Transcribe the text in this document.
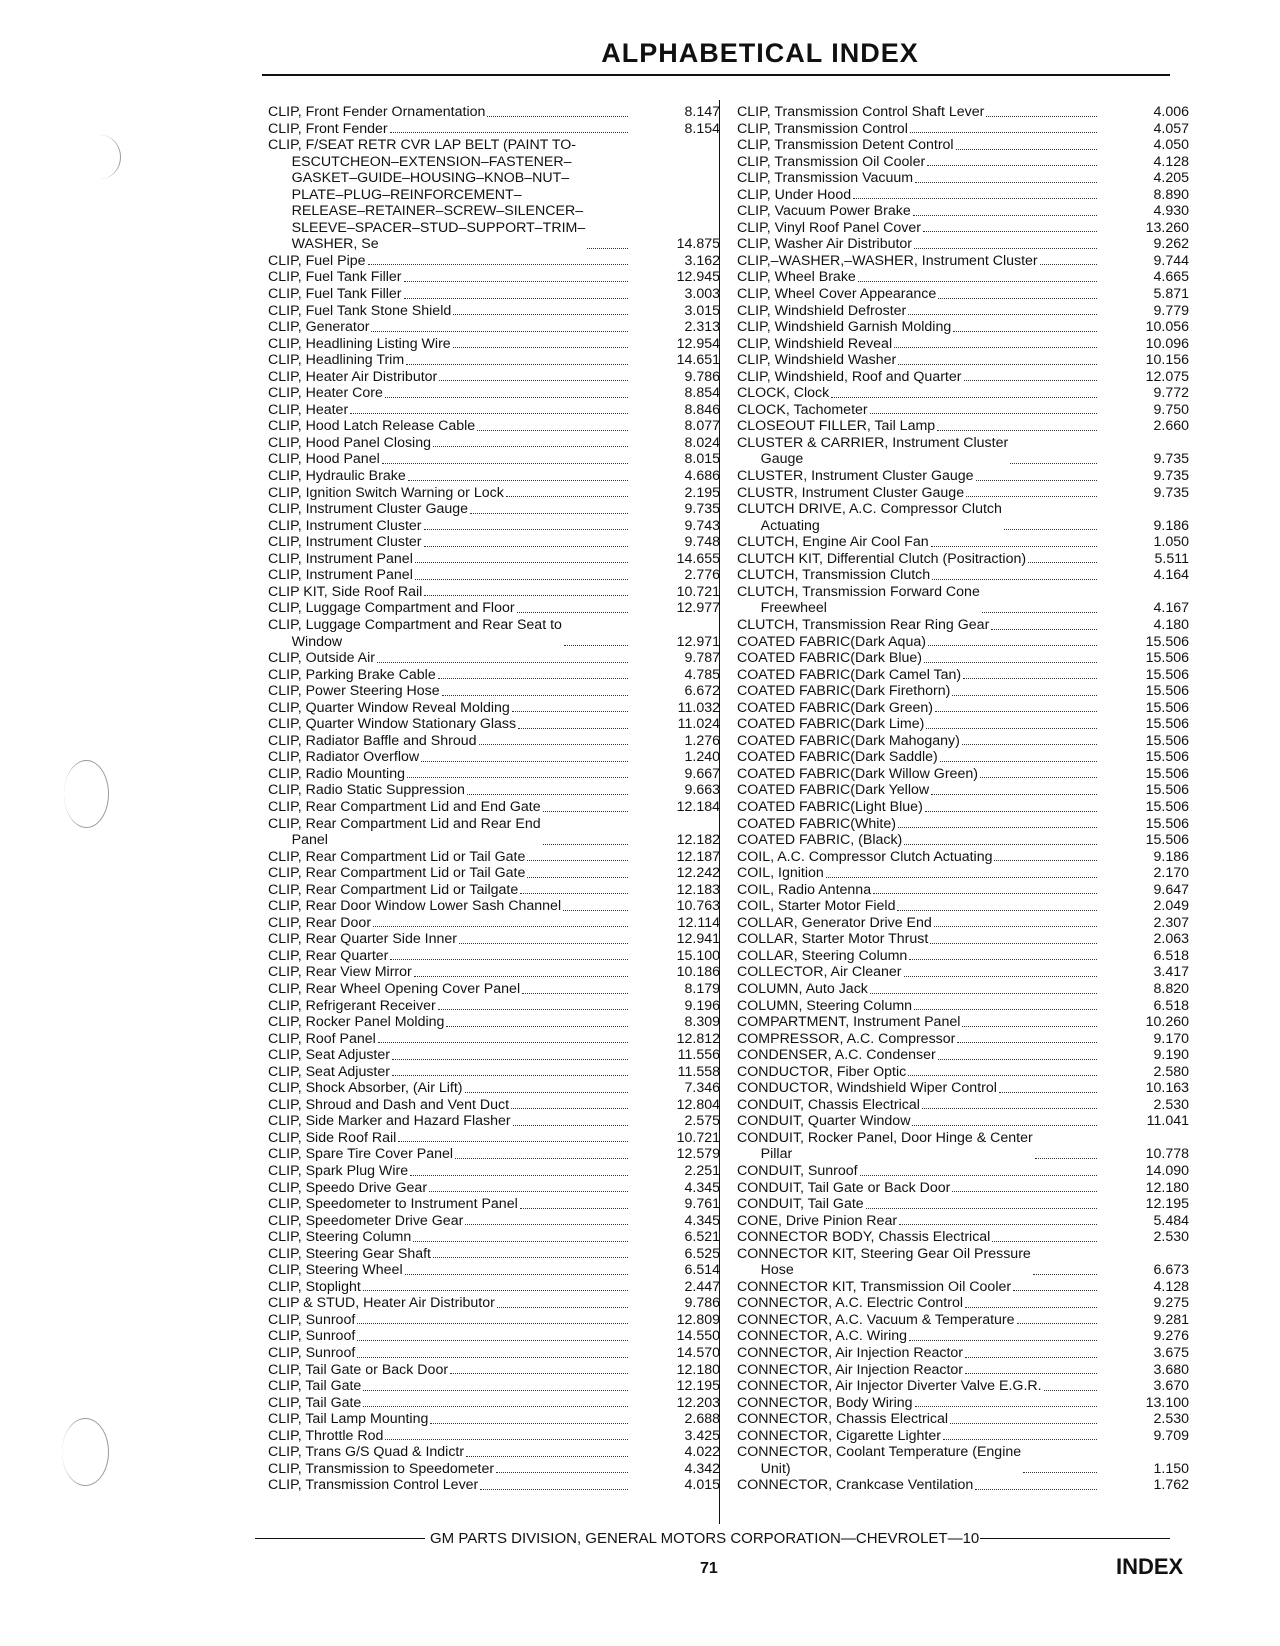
ALPHABETICAL INDEX
CLIP, Front Fender Ornamentation	8.147
CLIP, Front Fender	8.154
CLIP, F/SEAT RETR CVR LAP BELT (PAINT TO-
ESCUTCHEON–EXTENSION–FASTENER–
GASKET–GUIDE–HOUSING–KNOB–NUT–
PLATE–PLUG–REINFORCEMENT–
RELEASE–RETAINER–SCREW–SILENCER–
SLEEVE–SPACER–STUD–SUPPORT–TRIM–
WASHER, Se	14.875
CLIP, Fuel Pipe	3.162
CLIP, Fuel Tank Filler	12.945
CLIP, Fuel Tank Filler	3.003
CLIP, Fuel Tank Stone Shield	3.015
CLIP, Generator	2.313
CLIP, Headlining Listing Wire	12.954
CLIP, Headlining Trim	14.651
CLIP, Heater Air Distributor	9.786
CLIP, Heater Core	8.854
CLIP, Heater	8.846
CLIP, Hood Latch Release Cable	8.077
CLIP, Hood Panel Closing	8.024
CLIP, Hood Panel	8.015
CLIP, Hydraulic Brake	4.686
CLIP, Ignition Switch Warning or Lock	2.195
CLIP, Instrument Cluster Gauge	9.735
CLIP, Instrument Cluster	9.743
CLIP, Instrument Cluster	9.748
CLIP, Instrument Panel	14.655
CLIP, Instrument Panel	2.776
CLIP KIT, Side Roof Rail	10.721
CLIP, Luggage Compartment and Floor	12.977
CLIP, Luggage Compartment and Rear Seat to
Window	12.971
CLIP, Outside Air	9.787
CLIP, Parking Brake Cable	4.785
CLIP, Power Steering Hose	6.672
CLIP, Quarter Window Reveal Molding	11.032
CLIP, Quarter Window Stationary Glass	11.024
CLIP, Radiator Baffle and Shroud	1.276
CLIP, Radiator Overflow	1.240
CLIP, Radio Mounting	9.667
CLIP, Radio Static Suppression	9.663
CLIP, Rear Compartment Lid and End Gate	12.184
CLIP, Rear Compartment Lid and Rear End
Panel	12.182
CLIP, Rear Compartment Lid or Tail Gate	12.187
CLIP, Rear Compartment Lid or Tail Gate	12.242
CLIP, Rear Compartment Lid or Tailgate	12.183
CLIP, Rear Door Window Lower Sash Channel	10.763
CLIP, Rear Door	12.114
CLIP, Rear Quarter Side Inner	12.941
CLIP, Rear Quarter	15.100
CLIP, Rear View Mirror	10.186
CLIP, Rear Wheel Opening Cover Panel	8.179
CLIP, Refrigerant Receiver	9.196
CLIP, Rocker Panel Molding	8.309
CLIP, Roof Panel	12.812
CLIP, Seat Adjuster	11.556
CLIP, Seat Adjuster	11.558
CLIP, Shock Absorber, (Air Lift)	7.346
CLIP, Shroud and Dash and Vent Duct	12.804
CLIP, Side Marker and Hazard Flasher	2.575
CLIP, Side Roof Rail	10.721
CLIP, Spare Tire Cover Panel	12.579
CLIP, Spark Plug Wire	2.251
CLIP, Speedo Drive Gear	4.345
CLIP, Speedometer to Instrument Panel	9.761
CLIP, Speedometer Drive Gear	4.345
CLIP, Steering Column	6.521
CLIP, Steering Gear Shaft	6.525
CLIP, Steering Wheel	6.514
CLIP, Stoplight	2.447
CLIP & STUD, Heater Air Distributor	9.786
CLIP, Sunroof	12.809
CLIP, Sunroof	14.550
CLIP, Sunroof	14.570
CLIP, Tail Gate or Back Door	12.180
CLIP, Tail Gate	12.195
CLIP, Tail Gate	12.203
CLIP, Tail Lamp Mounting	2.688
CLIP, Throttle Rod	3.425
CLIP, Trans G/S Quad & Indictr	4.022
CLIP, Transmission to Speedometer	4.342
CLIP, Transmission Control Lever	4.015
CLIP, Transmission Control Shaft Lever	4.006
CLIP, Transmission Control	4.057
CLIP, Transmission Detent Control	4.050
CLIP, Transmission Oil Cooler	4.128
CLIP, Transmission Vacuum	4.205
CLIP, Under Hood	8.890
CLIP, Vacuum Power Brake	4.930
CLIP, Vinyl Roof Panel Cover	13.260
CLIP, Washer Air Distributor	9.262
CLIP,–WASHER,–WASHER, Instrument Cluster	9.744
CLIP, Wheel Brake	4.665
CLIP, Wheel Cover Appearance	5.871
CLIP, Windshield Defroster	9.779
CLIP, Windshield Garnish Molding	10.056
CLIP, Windshield Reveal	10.096
CLIP, Windshield Washer	10.156
CLIP, Windshield, Roof and Quarter	12.075
CLOCK, Clock	9.772
CLOCK, Tachometer	9.750
CLOSEOUT FILLER, Tail Lamp	2.660
CLUSTER & CARRIER, Instrument Cluster
Gauge	9.735
CLUSTER, Instrument Cluster Gauge	9.735
CLUSTR, Instrument Cluster Gauge	9.735
CLUTCH DRIVE, A.C. Compressor Clutch
Actuating	9.186
CLUTCH, Engine Air Cool Fan	1.050
CLUTCH KIT, Differential Clutch (Positraction)	5.511
CLUTCH, Transmission Clutch	4.164
CLUTCH, Transmission Forward Cone
Freewheel	4.167
CLUTCH, Transmission Rear Ring Gear	4.180
COATED FABRIC(Dark Aqua)	15.506
COATED FABRIC(Dark Blue)	15.506
COATED FABRIC(Dark Camel Tan)	15.506
COATED FABRIC(Dark Firethorn)	15.506
COATED FABRIC(Dark Green)	15.506
COATED FABRIC(Dark Lime)	15.506
COATED FABRIC(Dark Mahogany)	15.506
COATED FABRIC(Dark Saddle)	15.506
COATED FABRIC(Dark Willow Green)	15.506
COATED FABRIC(Dark Yellow	15.506
COATED FABRIC(Light Blue)	15.506
COATED FABRIC(White)	15.506
COATED FABRIC, (Black)	15.506
COIL, A.C. Compressor Clutch Actuating	9.186
COIL, Ignition	2.170
COIL, Radio Antenna	9.647
COIL, Starter Motor Field	2.049
COLLAR, Generator Drive End	2.307
COLLAR, Starter Motor Thrust	2.063
COLLAR, Steering Column	6.518
COLLECTOR, Air Cleaner	3.417
COLUMN, Auto Jack	8.820
COLUMN, Steering Column	6.518
COMPARTMENT, Instrument Panel	10.260
COMPRESSOR, A.C. Compressor	9.170
CONDENSER, A.C. Condenser	9.190
CONDUCTOR, Fiber Optic	2.580
CONDUCTOR, Windshield Wiper Control	10.163
CONDUIT, Chassis Electrical	2.530
CONDUIT, Quarter Window	11.041
CONDUIT, Rocker Panel, Door Hinge & Center
Pillar	10.778
CONDUIT, Sunroof	14.090
CONDUIT, Tail Gate or Back Door	12.180
CONDUIT, Tail Gate	12.195
CONE, Drive Pinion Rear	5.484
CONNECTOR BODY, Chassis Electrical	2.530
CONNECTOR KIT, Steering Gear Oil Pressure
Hose	6.673
CONNECTOR KIT, Transmission Oil Cooler	4.128
CONNECTOR, A.C. Electric Control	9.275
CONNECTOR, A.C. Vacuum & Temperature	9.281
CONNECTOR, A.C. Wiring	9.276
CONNECTOR, Air Injection Reactor	3.675
CONNECTOR, Air Injection Reactor	3.680
CONNECTOR, Air Injector Diverter Valve E.G.R.	3.670
CONNECTOR, Body Wiring	13.100
CONNECTOR, Chassis Electrical	2.530
CONNECTOR, Cigarette Lighter	9.709
CONNECTOR, Coolant Temperature (Engine
Unit)	1.150
CONNECTOR, Crankcase Ventilation	1.762
GM PARTS DIVISION, GENERAL MOTORS CORPORATION—CHEVROLET—10
71	INDEX
